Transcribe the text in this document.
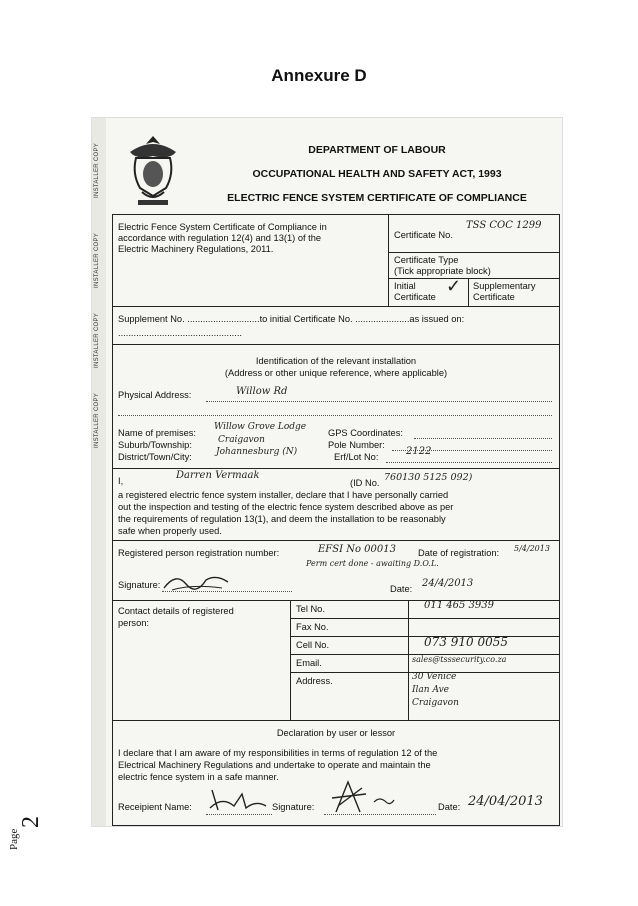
Annexure D
Page
2
INSTALLER COPY
INSTALLER COPY
INSTALLER COPY
INSTALLER COPY
DEPARTMENT OF LABOUR
OCCUPATIONAL HEALTH AND SAFETY ACT, 1993
ELECTRIC FENCE SYSTEM CERTIFICATE OF COMPLIANCE
Electric Fence System Certificate of Compliance in
accordance with regulation 12(4) and 13(1) of the
Electric Machinery Regulations, 2011.
Certificate No.
TSS COC 1299
Certificate Type
(Tick appropriate block)
Initial
Certificate ✓ Supplementary
Certificate
Supplement No. ............................to initial Certificate No. .....................as issued on:
................................................
Identification of the relevant installation
(Address or other unique reference, where applicable)
Physical Address:	Willow Rd
Name of premises:
Willow Grove Lodge
GPS Coordinates:
Suburb/Township:	Craigavon	Pole Number:
District/Town/City:	Johannesburg (N)	Erf/Lot No:	2122
I,	Darren Vermaak
(ID No. 760130 5125 092)
a registered electric fence system installer, declare that I have personally carried
out the inspection and testing of the electric fence system described above as per
the requirements of regulation 13(1), and deem the installation to be reasonably
safe when properly used.
Registered person registration number:	EFSI No 00013 Date of registration: 5/4/2013
Perm cert done - awaiting D.O.L.
Signature:	Date: 24/4/2013
Contact details of registered
person:
Tel No.	011 465 3939
Fax No.
Cell No.	073 910 0055
Email.	sales@tsssecurity.co.za
Address.	30 Venice
Ilan Ave
Craigavon
Declaration by user or lessor
I declare that I am aware of my responsibilities in terms of regulation 12 of the
Electrical Machinery Regulations and undertake to operate and maintain the
electric fence system in a safe manner.
Receipient Name:	Signature:	Date: 24/04/2013
